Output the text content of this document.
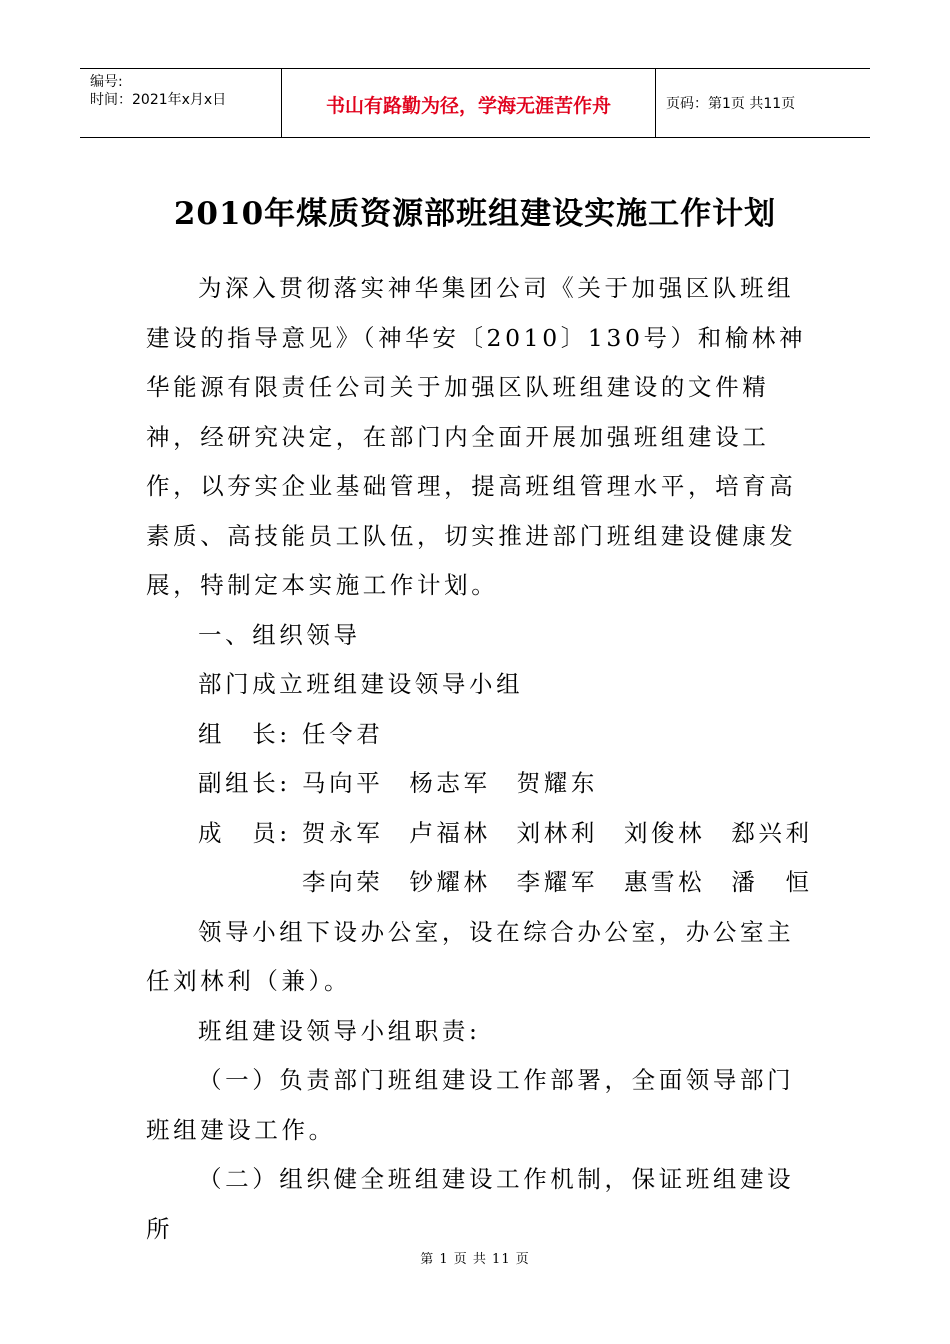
编号:
时间：2021年x月x日	书山有路勤为径，学海无涯苦作舟	页码：第1页 共11页
2010年煤质资源部班组建设实施工作计划

为深入贯彻落实神华集团公司《关于加强区队班组建设的指导意见》（神华安〔2010〕130号）和榆林神华能源有限责任公司关于加强区队班组建设的文件精神，经研究决定，在部门内全面开展加强班组建设工作，以夯实企业基础管理，提高班组管理水平，培育高素质、高技能员工队伍，切实推进部门班组建设健康发展，特制定本实施工作计划。

一、组织领导

部门成立班组建设领导小组

组　长: 任令君
副组长: 马向平 杨志军 贺耀东
成　员: 贺永军 卢福林 刘林利 刘俊林 郄兴利
李向荣 钞耀林 李耀军 惠雪松 潘　恒

领导小组下设办公室，设在综合办公室，办公室主任刘林利（兼）。

班组建设领导小组职责:

（一）负责部门班组建设工作部署，全面领导部门班组建设工作。

（二）组织健全班组建设工作机制，保证班组建设所

第 1 页 共 11 页
